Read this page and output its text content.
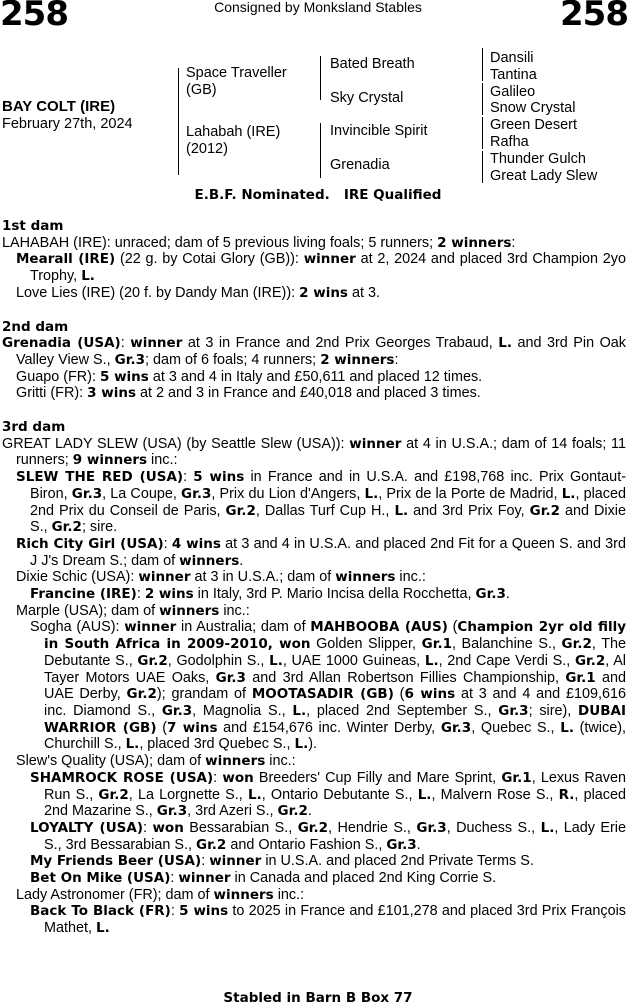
258	Consigned by Monksland Stables	258
BAY COLT (IRE)
February 27th, 2024
Space Traveller (GB)
Lahabah (IRE)
(2012)
Bated Breath
Sky Crystal
Invincible Spirit
Grenadia
Dansili
Tantina
Galileo
Snow Crystal
Green Desert
Rafha
Thunder Gulch
Great Lady Slew
E.B.F. Nominated.   IRE Qualified
1st dam
LAHABAH (IRE): unraced; dam of 5 previous living foals; 5 runners; 2 winners:
Mearall (IRE) (22 g. by Cotai Glory (GB)): winner at 2, 2024 and placed 3rd Champion 2yo Trophy, L.
Love Lies (IRE) (20 f. by Dandy Man (IRE)): 2 wins at 3.
2nd dam
Grenadia (USA): winner at 3 in France and 2nd Prix Georges Trabaud, L. and 3rd Pin Oak Valley View S., Gr.3; dam of 6 foals; 4 runners; 2 winners:
Guapo (FR): 5 wins at 3 and 4 in Italy and £50,611 and placed 12 times.
Gritti (FR): 3 wins at 2 and 3 in France and £40,018 and placed 3 times.
3rd dam
GREAT LADY SLEW (USA) (by Seattle Slew (USA)): winner at 4 in U.S.A.; dam of 14 foals; 11 runners; 9 winners inc.:
SLEW THE RED (USA): 5 wins in France and in U.S.A. and £198,768 inc. Prix Gontaut-Biron, Gr.3, La Coupe, Gr.3, Prix du Lion d'Angers, L., Prix de la Porte de Madrid, L., placed 2nd Prix du Conseil de Paris, Gr.2, Dallas Turf Cup H., L. and 3rd Prix Foy, Gr.2 and Dixie S., Gr.2; sire.
Rich City Girl (USA): 4 wins at 3 and 4 in U.S.A. and placed 2nd Fit for a Queen S. and 3rd J J's Dream S.; dam of winners.
Dixie Schic (USA): winner at 3 in U.S.A.; dam of winners inc.:
Francine (IRE): 2 wins in Italy, 3rd P. Mario Incisa della Rocchetta, Gr.3.
Marple (USA); dam of winners inc.:
Sogha (AUS): winner in Australia; dam of MAHBOOBA (AUS) (Champion 2yr old filly in South Africa in 2009-2010, won Golden Slipper, Gr.1, Balanchine S., Gr.2, The Debutante S., Gr.2, Godolphin S., L., UAE 1000 Guineas, L., 2nd Cape Verdi S., Gr.2, Al Tayer Motors UAE Oaks, Gr.3 and 3rd Allan Robertson Fillies Championship, Gr.1 and UAE Derby, Gr.2); grandam of MOOTASADIR (GB) (6 wins at 3 and 4 and £109,616 inc. Diamond S., Gr.3, Magnolia S., L., placed 2nd September S., Gr.3; sire), DUBAI WARRIOR (GB) (7 wins and £154,676 inc. Winter Derby, Gr.3, Quebec S., L. (twice), Churchill S., L., placed 3rd Quebec S., L.).
Slew's Quality (USA); dam of winners inc.:
SHAMROCK ROSE (USA): won Breeders' Cup Filly and Mare Sprint, Gr.1, Lexus Raven Run S., Gr.2, La Lorgnette S., L., Ontario Debutante S., L., Malvern Rose S., R., placed 2nd Mazarine S., Gr.3, 3rd Azeri S., Gr.2.
LOYALTY (USA): won Bessarabian S., Gr.2, Hendrie S., Gr.3, Duchess S., L., Lady Erie S., 3rd Bessarabian S., Gr.2 and Ontario Fashion S., Gr.3.
My Friends Beer (USA): winner in U.S.A. and placed 2nd Private Terms S.
Bet On Mike (USA): winner in Canada and placed 2nd King Corrie S.
Lady Astronomer (FR); dam of winners inc.:
Back To Black (FR): 5 wins to 2025 in France and £101,278 and placed 3rd Prix François Mathet, L.
Stabled in Barn B Box 77
